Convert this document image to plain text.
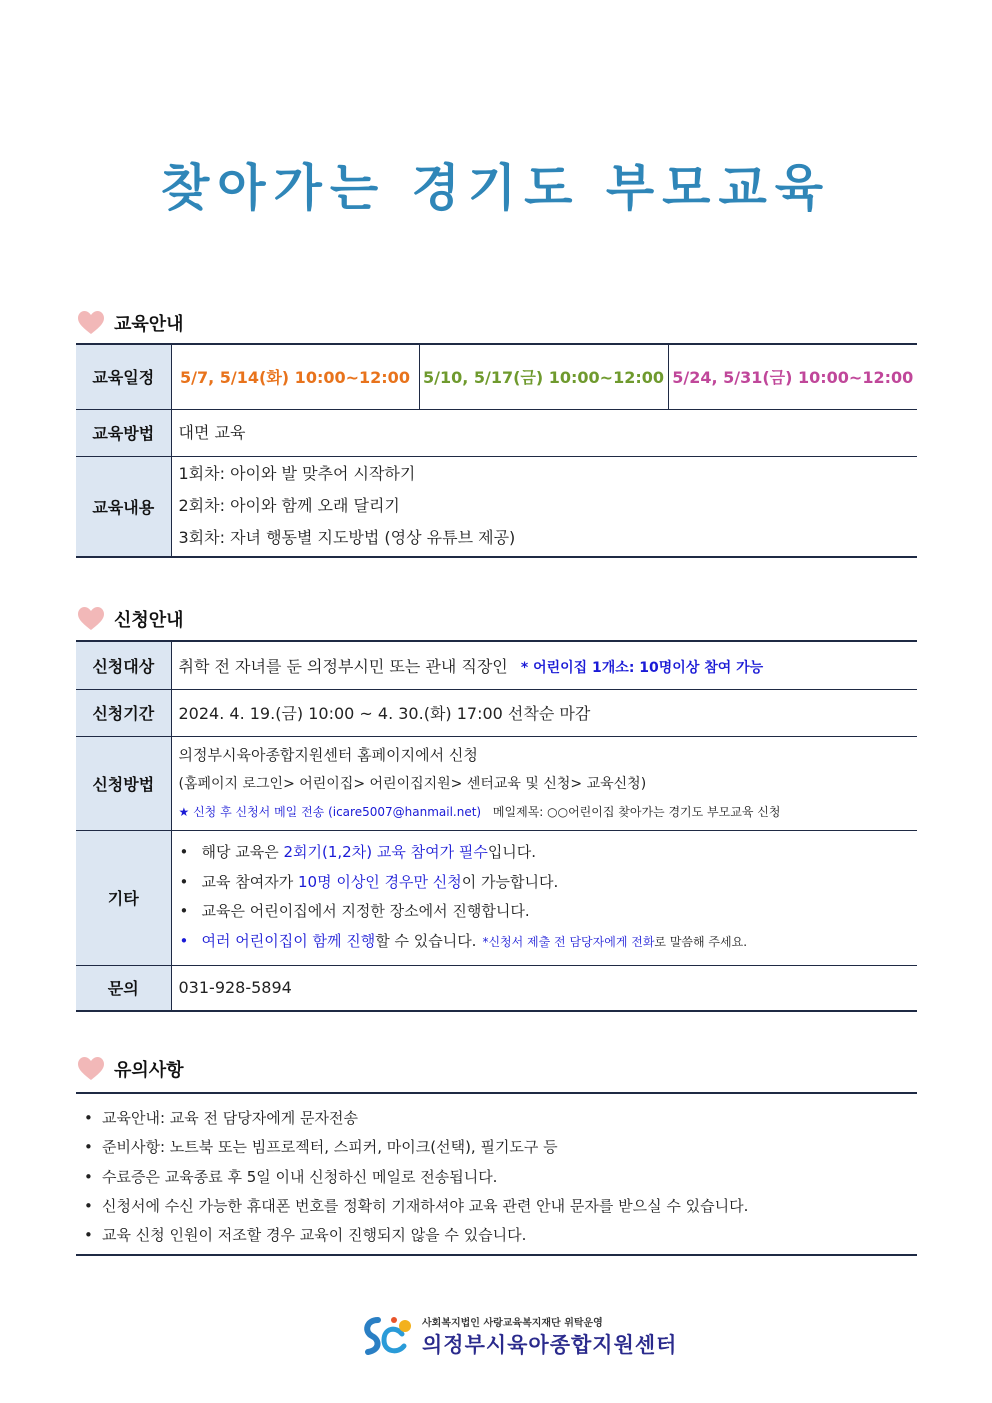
찾아가는 경기도 부모교육
교육안내
교육일정	5/7, 5/14(화) 10:00~12:00	5/10, 5/17(금) 10:00~12:00	5/24, 5/31(금) 10:00~12:00
교육방법	대면 교육		
교육내용	1회차: 아이와 발 맞추어 시작하기
2회차: 아이와 함께 오래 달리기
3회차: 자녀 행동별 지도방법 (영상 유튜브 제공)		
신청안내
신청대상	취학 전 자녀를 둔 의정부시민 또는 관내 직장인 * 어린이집 1개소: 10명이상 참여 가능
신청기간	2024. 4. 19.(금) 10:00 ~ 4. 30.(화) 17:00 선착순 마감
신청방법	의정부시육아종합지원센터 홈페이지에서 신청
(홈페이지 로그인> 어린이집> 어린이집지원> 센터교육 및 신청> 교육신청)
★ 신청 후 신청서 메일 전송 (icare5007@hanmail.net) 메일제목: ○○어린이집 찾아가는 경기도 부모교육 신청

기타	• 해당 교육은 2회기(1,2차) 교육 참여가 필수입니다.
• 교육 참여자가 10명 이상인 경우만 신청이 가능합니다.
• 교육은 어린이집에서 지정한 장소에서 진행합니다.
• 여러 어린이집이 함께 진행할 수 있습니다. *신청서 제출 전 담당자에게 전화로 말씀해 주세요.

문의	031-928-5894
유의사항
• 교육안내: 교육 전 담당자에게 문자전송
• 준비사항: 노트북 또는 빔프로젝터, 스피커, 마이크(선택), 필기도구 등
• 수료증은 교육종료 후 5일 이내 신청하신 메일로 전송됩니다.
• 신청서에 수신 가능한 휴대폰 번호를 정확히 기재하셔야 교육 관련 안내 문자를 받으실 수 있습니다.
• 교육 신청 인원이 저조할 경우 교육이 진행되지 않을 수 있습니다.
사회복지법인 사랑교육복지재단 위탁운영
의정부시육아종합지원센터
